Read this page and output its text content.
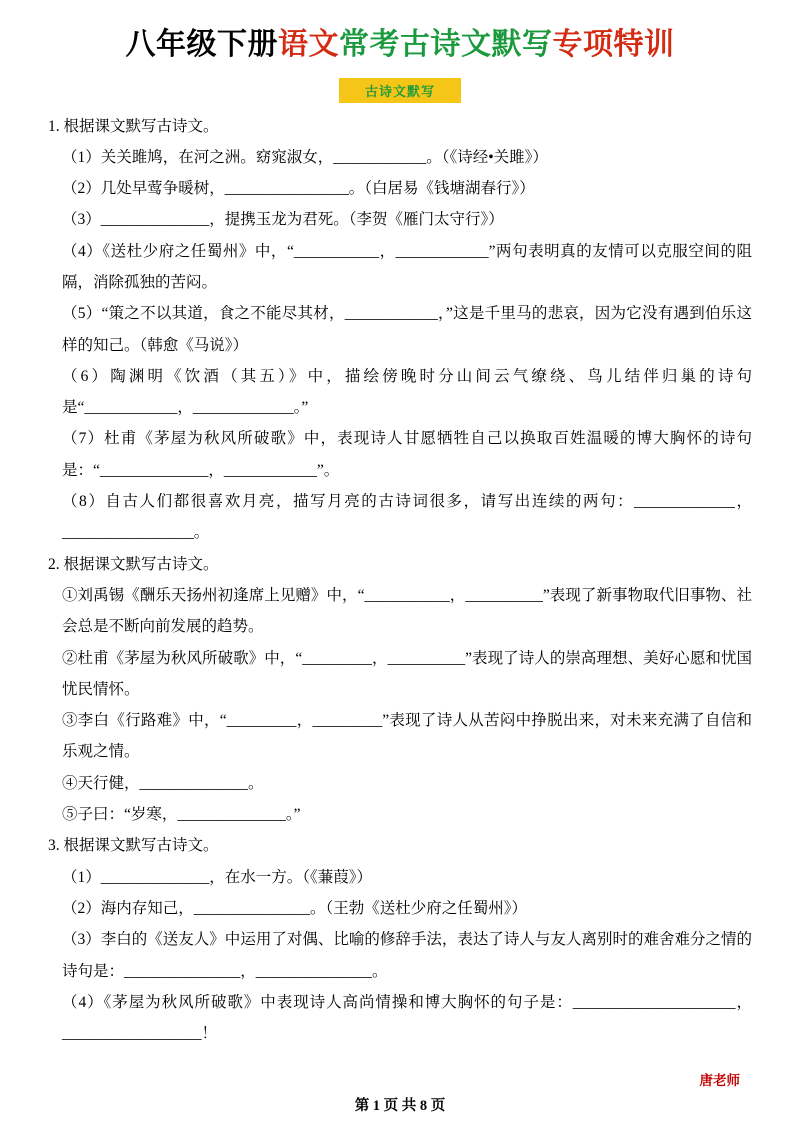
八年级下册语文常考古诗文默写专项特训
古诗文默写

1. 根据课文默写古诗文。

（1）关关雎鸠，在河之洲。窈窕淑女，____________。（《诗经•关雎》）

（2）几处早莺争暖树，________________。（白居易《钱塘湖春行》）

（3）______________，提携玉龙为君死。（李贺《雁门太守行》）

（4）《送杜少府之任蜀州》中，“___________，____________”两句表明真的友情可以克服空间的阻隔，消除孤独的苦闷。

（5）“策之不以其道，食之不能尽其材，____________，”这是千里马的悲哀，因为它没有遇到伯乐这样的知己。（韩愈《马说》）

（6）陶渊明《饮酒（其五）》中，描绘傍晚时分山间云气缭绕、鸟儿结伴归巢的诗句是“____________，_____________。”

（7）杜甫《茅屋为秋风所破歌》中，表现诗人甘愿牺牲自己以换取百姓温暖的博大胸怀的诗句是：“______________，____________”。

（8）自古人们都很喜欢月亮，描写月亮的古诗词很多，请写出连续的两句：_____________，_________________。

2. 根据课文默写古诗文。

①刘禹锡《酬乐天扬州初逢席上见赠》中，“___________，__________”表现了新事物取代旧事物、社会总是不断向前发展的趋势。

②杜甫《茅屋为秋风所破歌》中，“_________，__________”表现了诗人的崇高理想、美好心愿和忧国忧民情怀。

③李白《行路难》中，“_________，_________”表现了诗人从苦闷中挣脱出来，对未来充满了自信和乐观之情。

④天行健，______________。

⑤子曰：“岁寒，______________。”

3. 根据课文默写古诗文。

（1）______________，在水一方。（《蒹葭》）

（2）海内存知己，_______________。（王勃《送杜少府之任蜀州》）

（3）李白的《送友人》中运用了对偶、比喻的修辞手法，表达了诗人与友人离别时的难舍难分之情的诗句是：_______________，_______________。

（4）《茅屋为秋风所破歌》中表现诗人高尚情操和博大胸怀的句子是：_____________________，__________________！

唐老师
第 1 页 共 8 页
